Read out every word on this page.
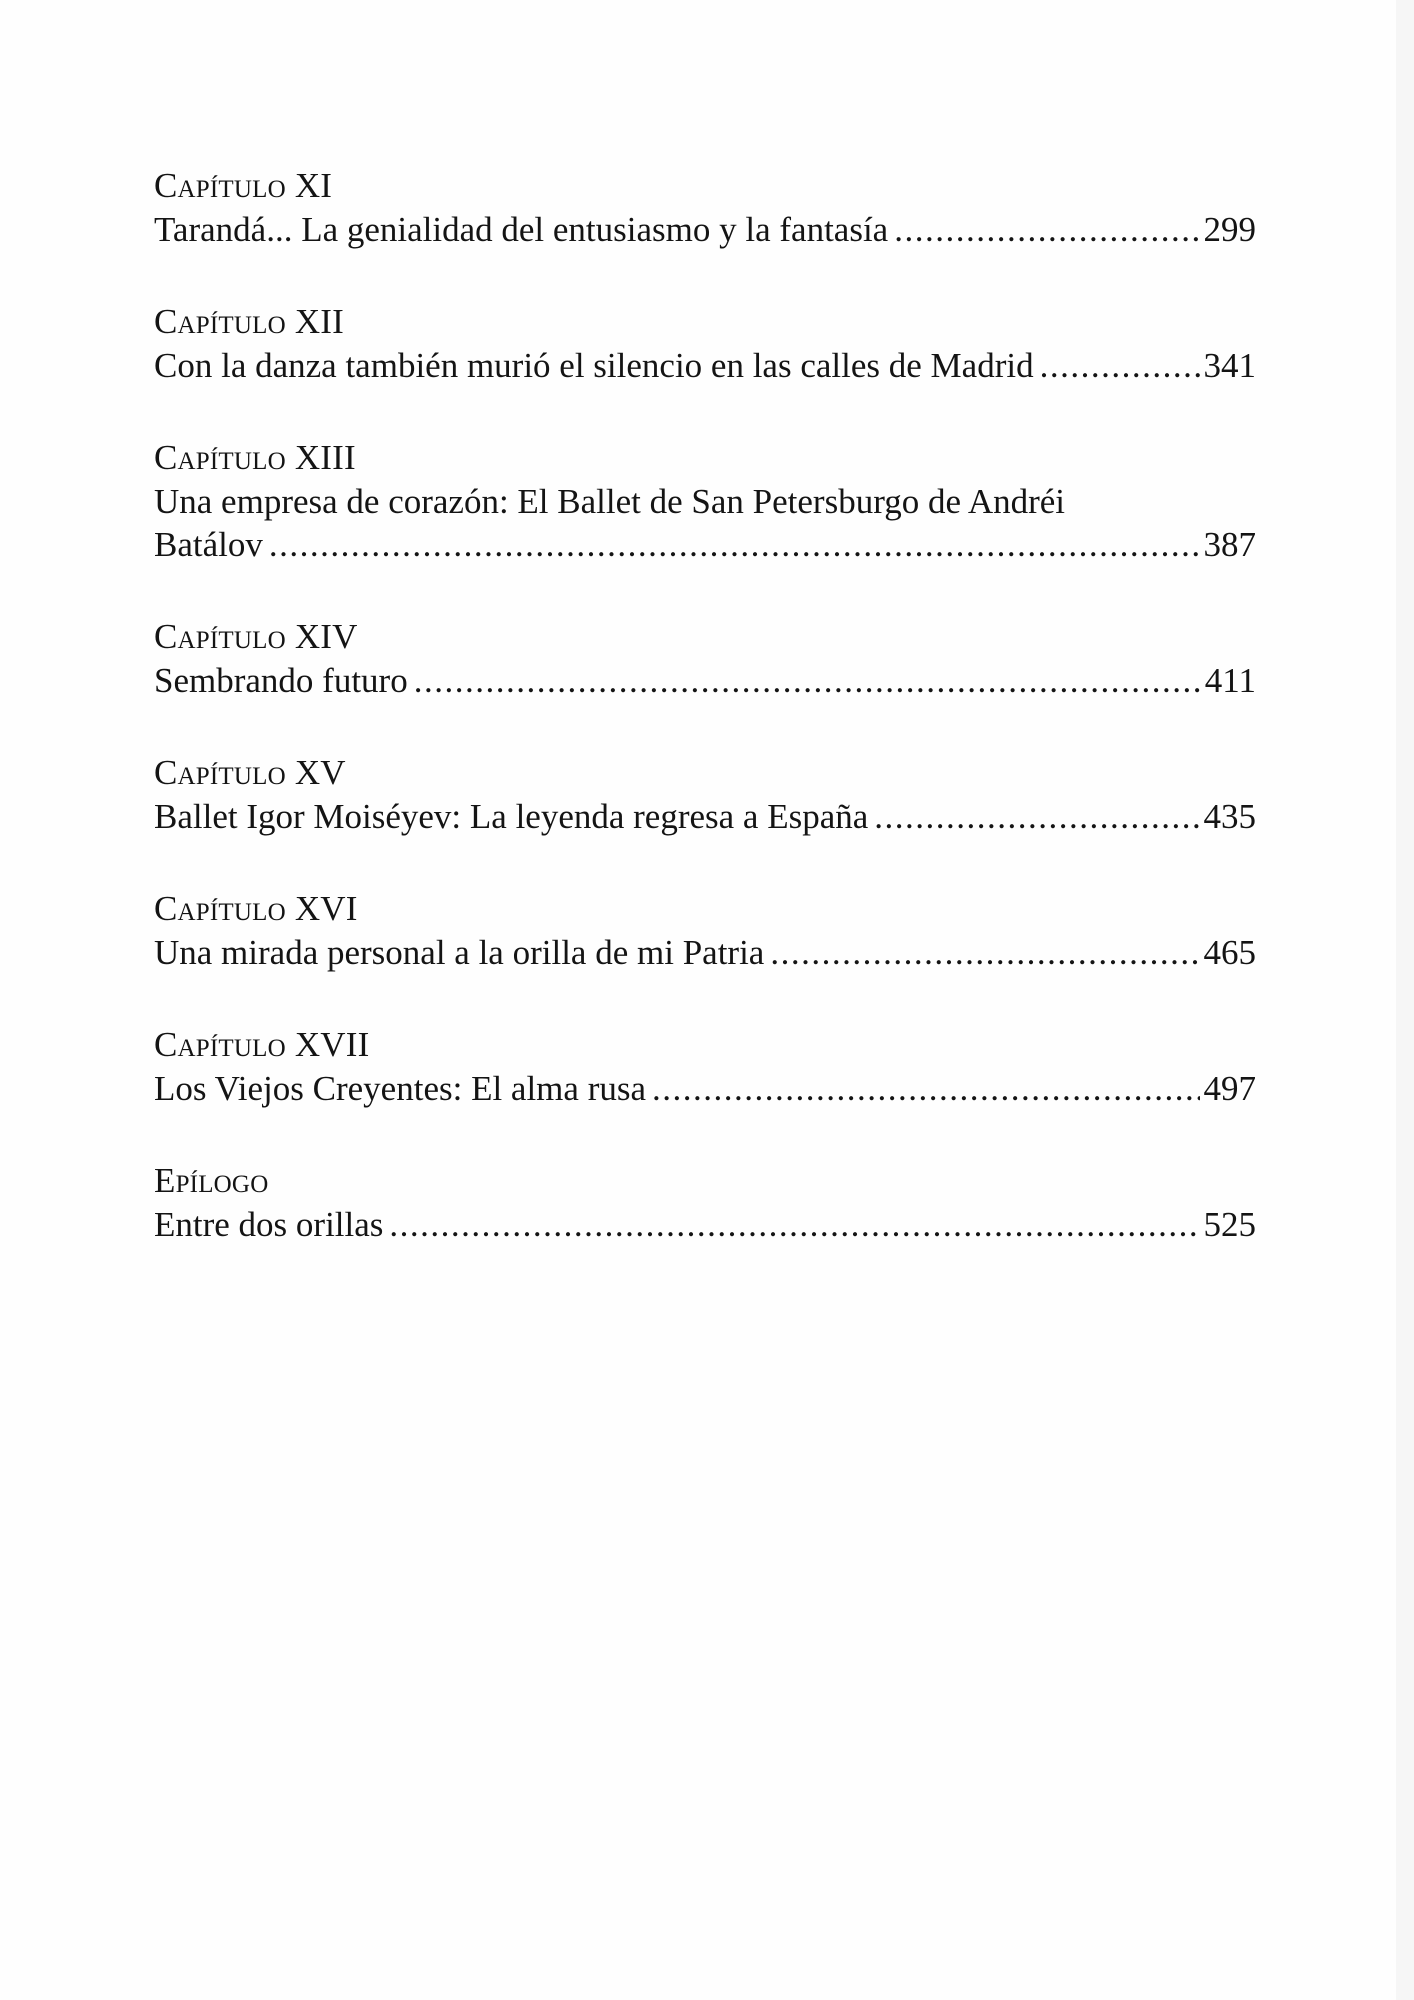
Capítulo XI
Tarandá... La genialidad del entusiasmo y la fantasía .....	299
Capítulo XII
Con la danza también murió el silencio en las calles de Madrid .....	341
Capítulo XIII
Una empresa de corazón: El Ballet de San Petersburgo de Andréi
Batálov .....	387
Capítulo XIV
Sembrando futuro .....	411
Capítulo XV
Ballet Igor Moiséyev: La leyenda regresa a España .....	435
Capítulo XVI
Una mirada personal a la orilla de mi Patria .....	465
Capítulo XVII
Los Viejos Creyentes: El alma rusa .....	497
Epílogo
Entre dos orillas .....	525
